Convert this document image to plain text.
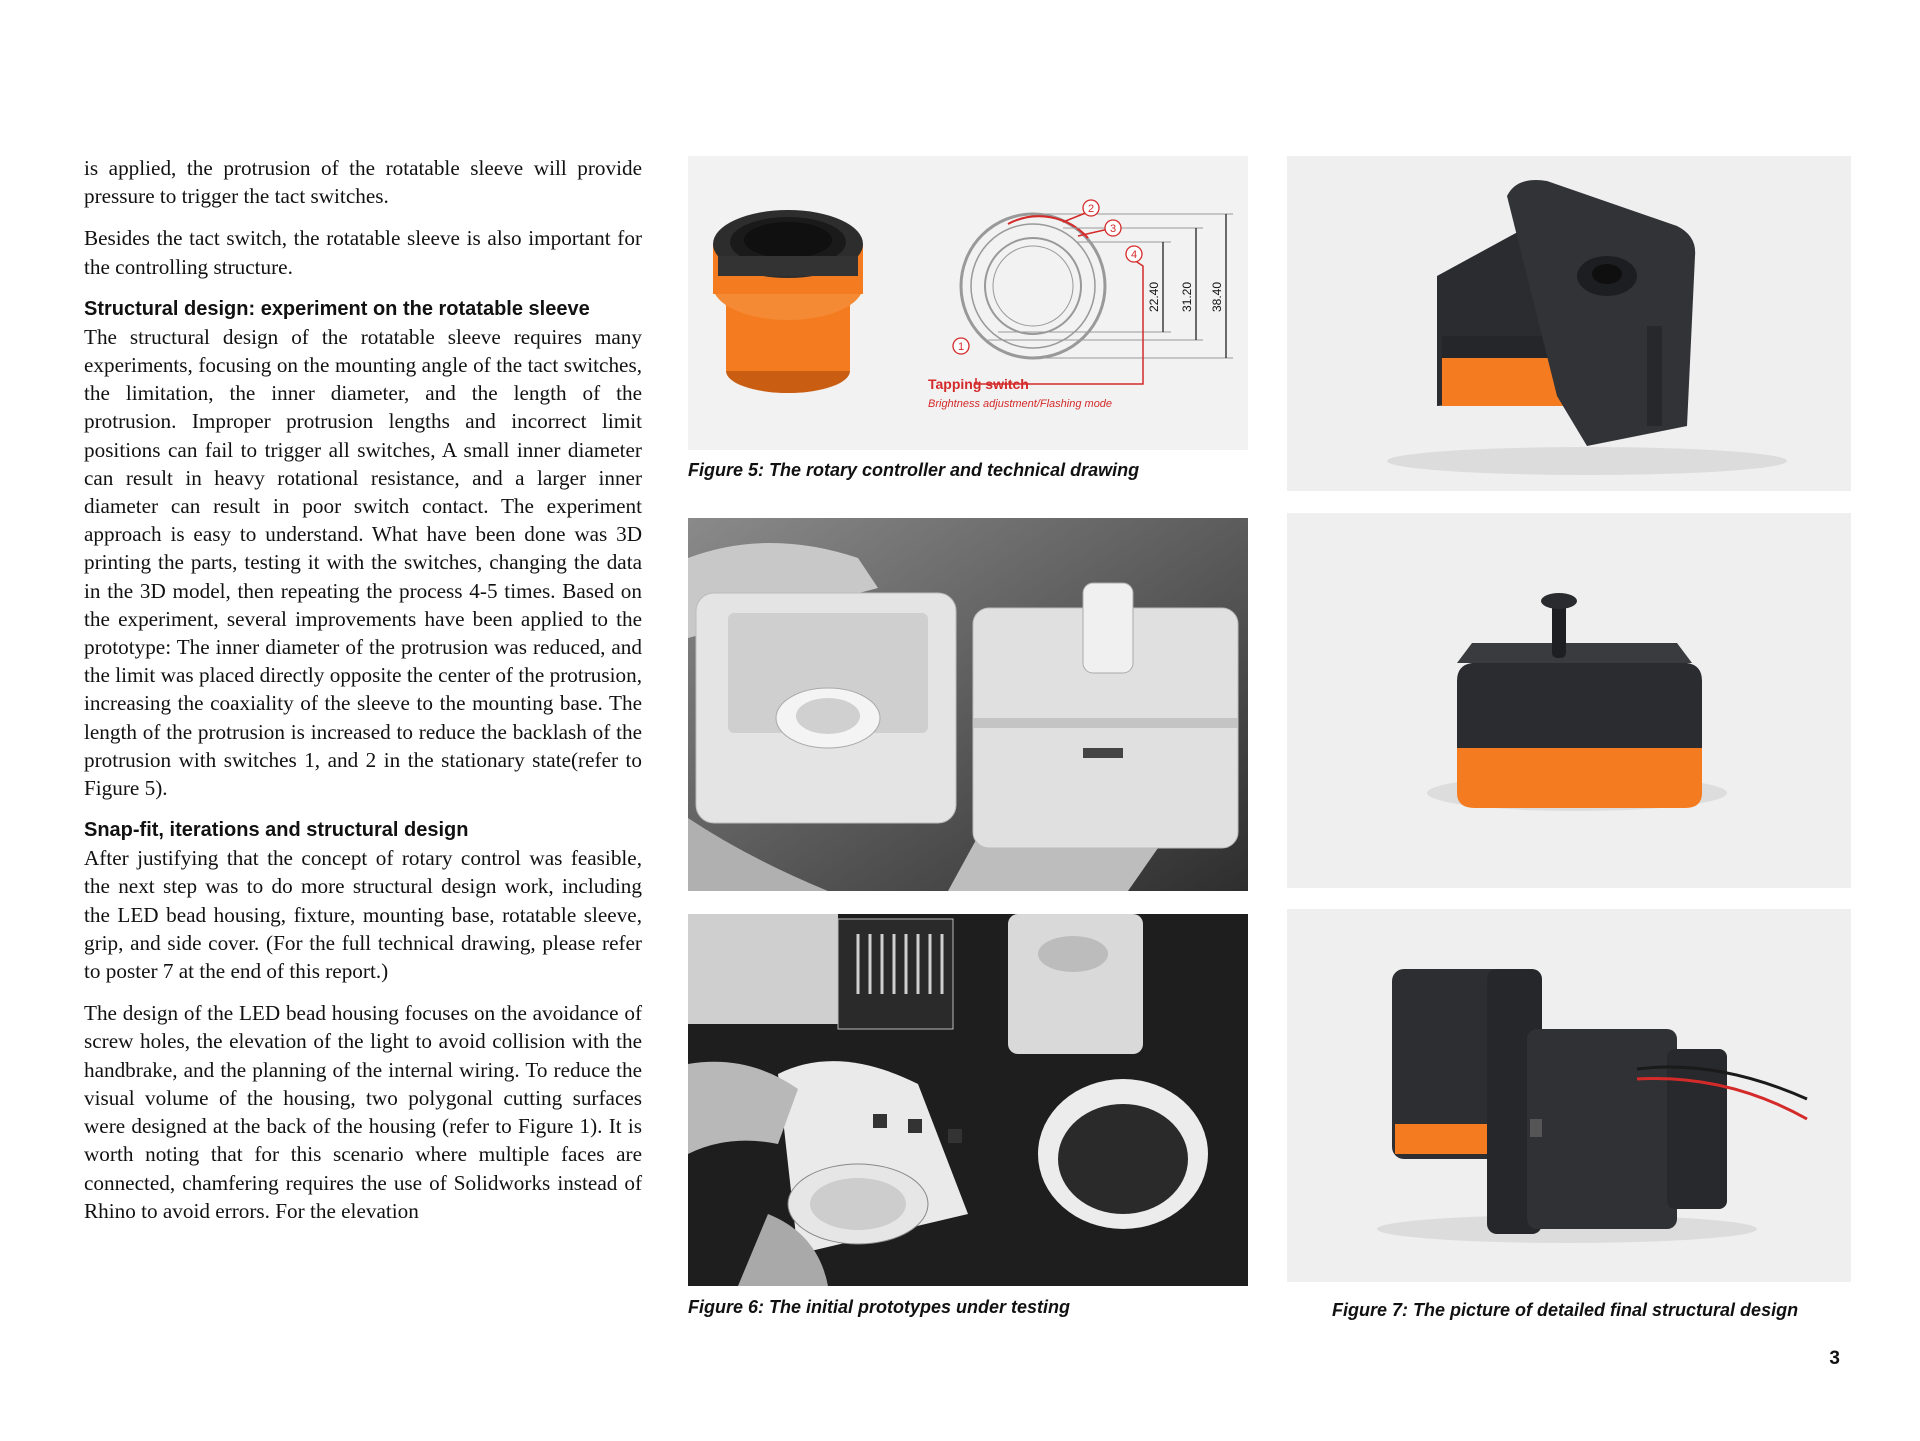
is applied, the protrusion of the rotatable sleeve will provide pressure to trigger the tact switches.

Besides the tact switch, the rotatable sleeve is also important for the controlling structure.

Structural design: experiment on the rotatable sleeve

The structural design of the rotatable sleeve requires many experiments, focusing on the mounting angle of the tact switches, the limitation, the inner diameter, and the length of the protrusion. Improper protrusion lengths and incorrect limit positions can fail to trigger all switches, A small inner diameter can result in heavy rotational resistance, and a larger inner diameter can result in poor switch contact. The experiment approach is easy to understand. What have been done was 3D printing the parts, testing it with the switches, changing the data in the 3D model, then repeating the process 4-5 times. Based on the experiment, several improvements have been applied to the prototype: The inner diameter of the protrusion was reduced, and the limit was placed directly opposite the center of the protrusion, increasing the coaxiality of the sleeve to the mounting base. The length of the protrusion is increased to reduce the backlash of the protrusion with switches 1, and 2 in the stationary state(refer to Figure 5).

Snap-fit, iterations and structural design

After justifying that the concept of rotary control was feasible, the next step was to do more structural design work, including the LED bead housing, fixture, mounting base, rotatable sleeve, grip, and side cover. (For the full technical drawing, please refer to poster 7 at the end of this report.)

The design of the LED bead housing focuses on the avoidance of screw holes, the elevation of the light to avoid collision with the handbrake, and the planning of the internal wiring. To reduce the visual volume of the housing, two polygonal cutting surfaces were designed at the back of the housing (refer to Figure 1). It is worth noting that for this scenario where multiple faces are connected, chamfering requires the use of Solidworks instead of Rhino to avoid errors. For the elevation

22.40 31.20 38.40
1
2
3
4
Tapping switch
Brightness adjustment/Flashing mode
Figure 5: The rotary controller and technical drawing
Figure 6: The initial prototypes under testing	Figure 7: The picture of detailed final structural design
3
